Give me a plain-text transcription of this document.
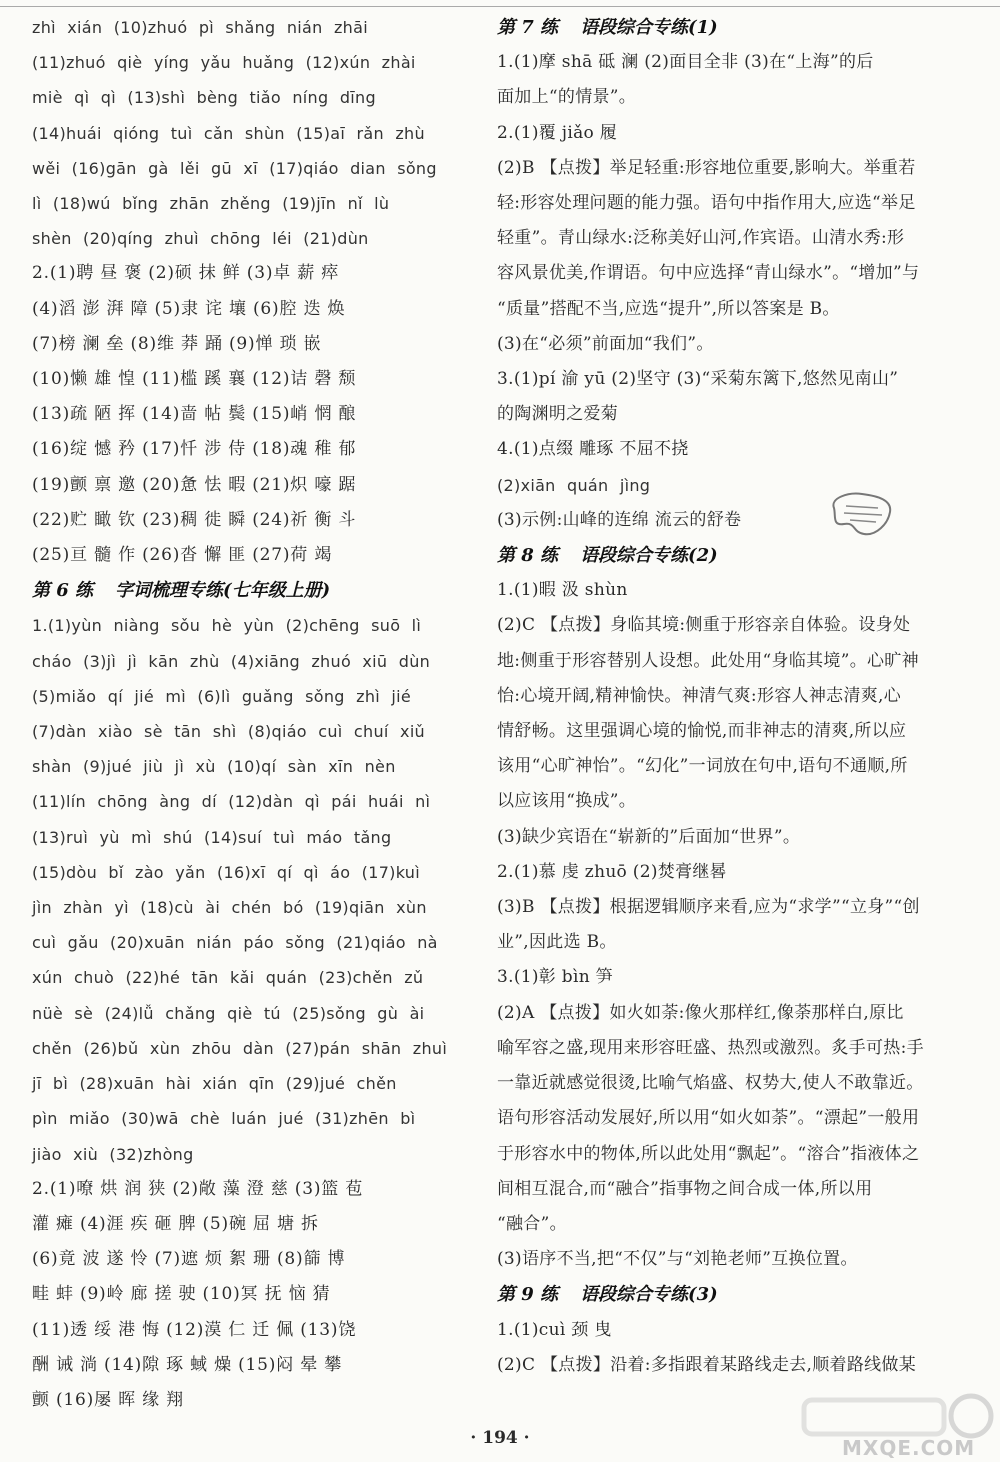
zhì xián (10)zhuó pì shǎng nián zhāi
(11)zhuó qiè yíng yǎu huǎng (12)xún zhài
miè qì qì (13)shì bèng tiǎo níng dīng
(14)huái qióng tuì cǎn shùn (15)aī rǎn zhù
wěi (16)gān gà lěi gū xī (17)qiáo dian sǒng
lì (18)wú bǐng zhān zhěng (19)jīn nǐ lù
shèn (20)qíng zhuì chōng léi (21)dùn
2.(1)聘 昼 褒 (2)硕 抹 鲜 (3)卓 薪 瘁
(4)滔 澎 湃 障 (5)隶 诧 壤 (6)腔 迭 焕
(7)榜 澜 垒 (8)维 莽 踊 (9)惮 琐 嵌
(10)懒 雄 惶 (11)槛 蹊 襄 (12)诘 磬 颓
(13)疏 陋 挥 (14)啬 帖 鬓 (15)峭 惘 酿
(16)绽 憾 矜 (17)忏 涉 侍 (18)魂 稚 郁
(19)颤 禀 邀 (20)惫 怯 暇 (21)炽 嚎 踞
(22)贮 瞰 钦 (23)稠 徙 瞬 (24)祈 衡 斗
(25)亘 髓 作 (26)沓 懈 匪 (27)荷 竭
第 6 练 字词梳理专练(七年级上册)
1.(1)yùn niàng sǒu hè yùn (2)chēng suō lì
cháo (3)jì jì kān zhù (4)xiāng zhuó xiū dùn
(5)miǎo qí jié mì (6)lì guǎng sǒng zhì jié
(7)dàn xiào sè tān shì (8)qiáo cuì chuí xiǔ
shàn (9)jué jiù jì xù (10)qí sàn xīn nèn
(11)lín chōng àng dí (12)dàn qì pái huái nì
(13)ruì yù mì shú (14)suí tuì máo tǎng
(15)dòu bǐ zào yǎn (16)xī qí qì áo (17)kuì
jìn zhàn yì (18)cù ài chén bó (19)qiān xùn
cuì gǎu (20)xuān nián páo sǒng (21)qiáo nà
xún chuò (22)hé tān kǎi quán (23)chěn zǔ
nüè sè (24)lǚ chǎng qiè tú (25)sǒng gù ài
chěn (26)bǔ xùn zhōu dàn (27)pán shān zhuì
jī bì (28)xuān hài xián qīn (29)jué chěn
pìn miǎo (30)wā chè luán jué (31)zhēn bì
jiào xiù (32)zhòng
2.(1)嘹 烘 润 狭 (2)敞 藻 澄 慈 (3)篮 苞
灌 瘫 (4)涯 疾 砸 脾 (5)碗 屈 塘 拆
(6)竟 波 遂 怜 (7)遮 烦 絮 珊 (8)篩 博
畦 蚌 (9)岭 廊 搓 驶 (10)冥 抚 恼 猜
(11)透 绥 港 悔 (12)漠 仁 迁 佩 (13)饶
酬 诫 淌 (14)隙 琢 蜮 燥 (15)闷 晕 攀
颤 (16)屡 晖 缘 翔
第 7 练 语段综合专练(1)
1.(1)摩 shā 砥 澜 (2)面目全非 (3)在“上海”的后
面加上“的情景”。
2.(1)覆 jiǎo 履
(2)B 【点拨】举足轻重:形容地位重要,影响大。举重若
轻:形容处理问题的能力强。语句中指作用大,应选“举足
轻重”。青山绿水:泛称美好山河,作宾语。山清水秀:形
容风景优美,作谓语。句中应选择“青山绿水”。“增加”与
“质量”搭配不当,应选“提升”,所以答案是 B。
(3)在“必须”前面加“我们”。
3.(1)pí 渝 yū (2)坚守 (3)“采菊东篱下,悠然见南山”
的陶渊明之爱菊
4.(1)点缀 雕琢 不屈不挠
(2)xiān quán jìng
(3)示例:山峰的连绵 流云的舒卷
第 8 练 语段综合专练(2)
1.(1)暇 汲 shùn
(2)C 【点拨】身临其境:侧重于形容亲自体验。设身处
地:侧重于形容替别人设想。此处用“身临其境”。心旷神
怡:心境开阔,精神愉快。神清气爽:形容人神志清爽,心
情舒畅。这里强调心境的愉悦,而非神志的清爽,所以应
该用“心旷神怡”。“幻化”一词放在句中,语句不通顺,所
以应该用“换成”。
(3)缺少宾语在“崭新的”后面加“世界”。
2.(1)慕 虔 zhuō (2)焚膏继晷
(3)B 【点拨】根据逻辑顺序来看,应为“求学”“立身”“创
业”,因此选 B。
3.(1)彰 bìn 笋
(2)A 【点拨】如火如荼:像火那样红,像荼那样白,原比
喻军容之盛,现用来形容旺盛、热烈或激烈。炙手可热:手
一靠近就感觉很烫,比喻气焰盛、权势大,使人不敢靠近。
语句形容活动发展好,所以用“如火如荼”。“漂起”一般用
于形容水中的物体,所以此处用“飘起”。“溶合”指液体之
间相互混合,而“融合”指事物之间合成一体,所以用
“融合”。
(3)语序不当,把“不仅”与“刘艳老师”互换位置。
第 9 练 语段综合专练(3)
1.(1)cuì 颈 曳
(2)C 【点拨】沿着:多指跟着某路线走去,顺着路线做某
MXQE.COM
· 194 ·
